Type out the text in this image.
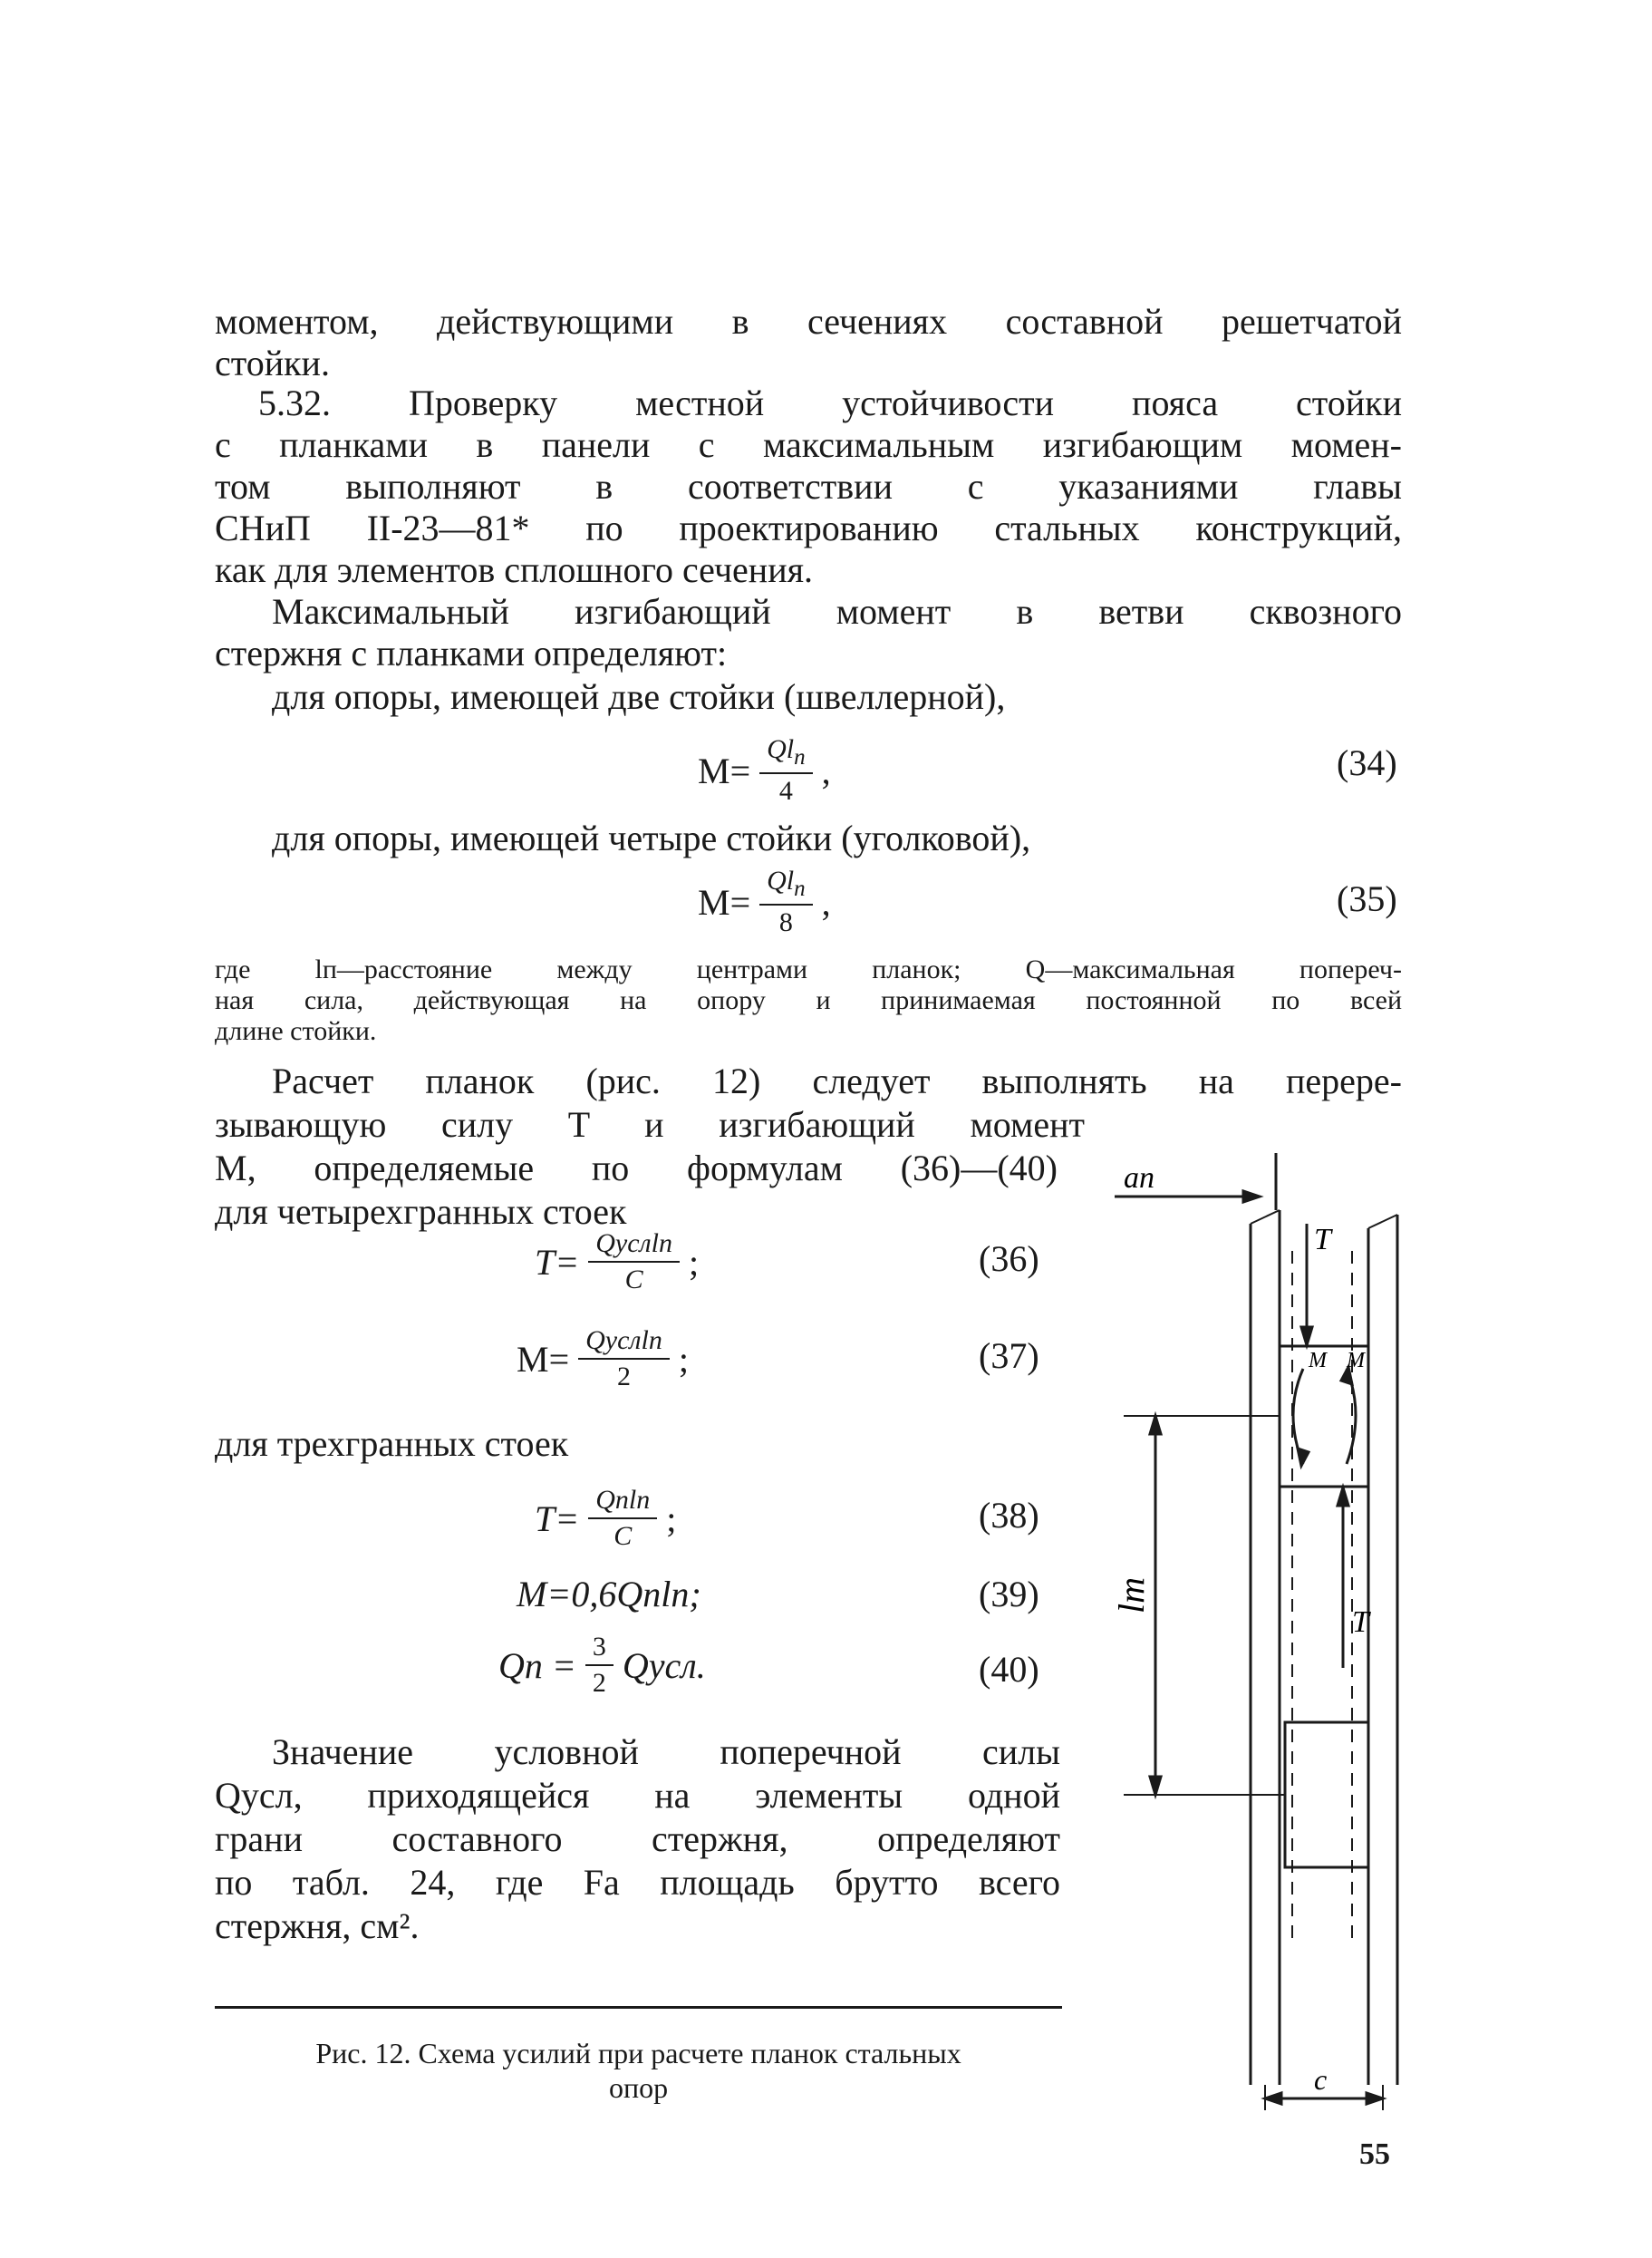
моментом, действующими в сечениях составной решетчатой
стойки.
5.32. Проверку местной устойчивости пояса стойки
с планками в панели с максимальным изгибающим момен-
том выполняют в соответствии с указаниями главы
СНиП II-23—81* по проектированию стальных конструкций,
как для элементов сплошного сечения.
Максимальный изгибающий момент в ветви сквозного
стержня с планками определяют:
для опоры, имеющей две стойки (швеллерной),
$M= \frac{Ql_п}{4}$ ,	(34)
для опоры, имеющей четыре стойки (уголковой),
$M= \frac{Ql_п}{8}$ ,	(35)
где lп—расстояние между центрами планок; Q—максимальная попереч-
ная сила, действующая на опору и принимаемая постоянной по всей
длине стойки.
Расчет планок (рис. 12) следует выполнять на перере-
зывающую силу T и изгибающий момент
M, определяемые по формулам (36)—(40)
для четырехгранных стоек
$T= \frac{\text{Qуслlп}}{C}$ ;	(36)
$M= \frac{\text{Qуслlп}}{2}$ ;	(37)
для трехгранных стоек
$T= \frac{\text{Qпlп}}{C}$ ;	(38)
M=0,6Qпlп;	(39)
Qп = $\frac{3}{2}$ Qусл.	(40)
Значение условной поперечной силы
Qусл, приходящейся на элементы одной
грани составного стержня, определяют
по табл. 24, где Fa площадь брутто всего
стержня, см².
Рис. 12. Схема усилий при расчете планок стальных
опор
aп
T
M M
T
lт
c
55
